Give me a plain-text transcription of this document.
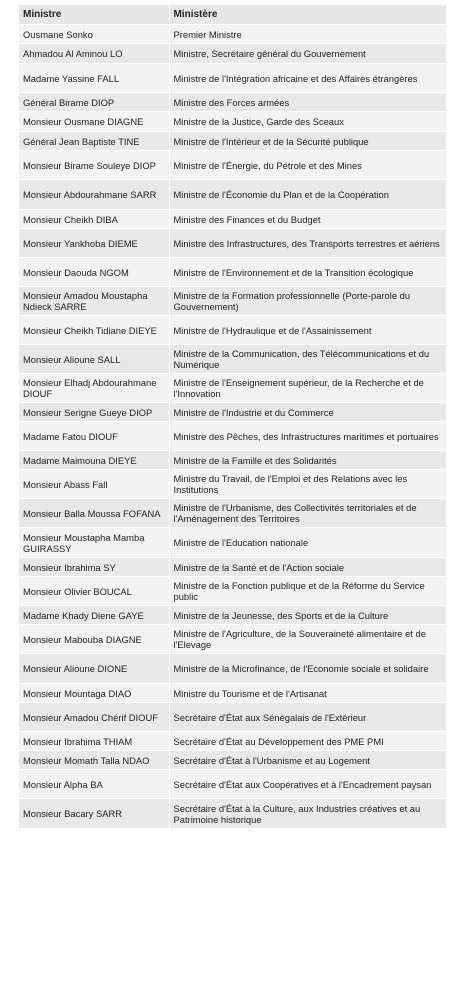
Ministre	Ministère
Ousmane Sonko	Premier Ministre
Ahmadou Al Aminou LO	Ministre, Secrétaire général du Gouvernement
Madame Yassine FALL	Ministre de l'Intégration africaine et des Affaires étrangères
Général Birame DIOP	Ministre des Forces armées
Monsieur Ousmane DIAGNE	Ministre de la Justice, Garde des Sceaux
Général Jean Baptiste TINE	Ministre de l'Intérieur et de la Sécurité publique
Monsieur Birame Souleye DIOP	Ministre de l'Énergie, du Pétrole et des Mines
Monsieur Abdourahmane SARR	Ministre de l'Économie du Plan et de la Coopération
Monsieur Cheikh DIBA	Ministre des Finances et du Budget
Monsieur Yankhoba DIEME	Ministre des Infrastructures, des Transports terrestres et aériens
Monsieur Daouda NGOM	Ministre de l'Environnement et de la Transition écologique
Monsieur Amadou Moustapha Ndieck SARRE	Ministre de la Formation professionnelle (Porte-parole du Gouvernement)
Monsieur Cheikh Tidiane DIEYE	Ministre de l'Hydraulique et de l'Assainissement
Monsieur Alioune SALL	Ministre de la Communication, des Télécommunications et du Numérique
Monsieur Elhadj Abdourahmane DIOUF	Ministre de l'Enseignement supérieur, de la Recherche et de l'Innovation
Monsieur Serigne Gueye DIOP	Ministre de l'Industrie et du Commerce
Madame Fatou DIOUF	Ministre des Pêches, des Infrastructures maritimes et portuaires
Madame Maimouna DIEYE	Ministre de la Famille et des Solidarités
Monsieur Abass Fall	Ministre du Travail, de l'Emploi et des Relations avec les Institutions
Monsieur Balla Moussa FOFANA	Ministre de l'Urbanisme, des Collectivités territoriales et de l'Aménagement des Territoires
Monsieur Moustapha Mamba GUIRASSY	Ministre de l'Education nationale
Monsieur Ibrahima SY	Ministre de la Santé et de l'Action sociale
Monsieur Olivier BOUCAL	Ministre de la Fonction publique et de la Réforme du Service public
Madame Khady Diene GAYE	Ministre de la Jeunesse, des Sports et de la Culture
Monsieur Mabouba DIAGNE	Ministre de l'Agriculture, de la Souveraineté alimentaire et de l'Elevage
Monsieur Alioune DIONE	Ministre de la Microfinance, de l'Economie sociale et solidaire
Monsieur Mountaga DIAO	Ministre du Tourisme et de l'Artisanat
Monsieur Amadou Chérif DIOUF	Secrétaire d'État aux Sénégalais de l'Extérieur
Monsieur Ibrahima THIAM	Secrétaire d'État au Développement des PME PMI
Monsieur Momath Talla NDAO	Secrétaire d'État à l'Urbanisme et au Logement
Monsieur Alpha BA	Secrétaire d'État aux Coopératives et à l'Encadrement paysan
Monsieur Bacary SARR	Secrétaire d'État à la Culture, aux Industries créatives et au Patrimoine historique
